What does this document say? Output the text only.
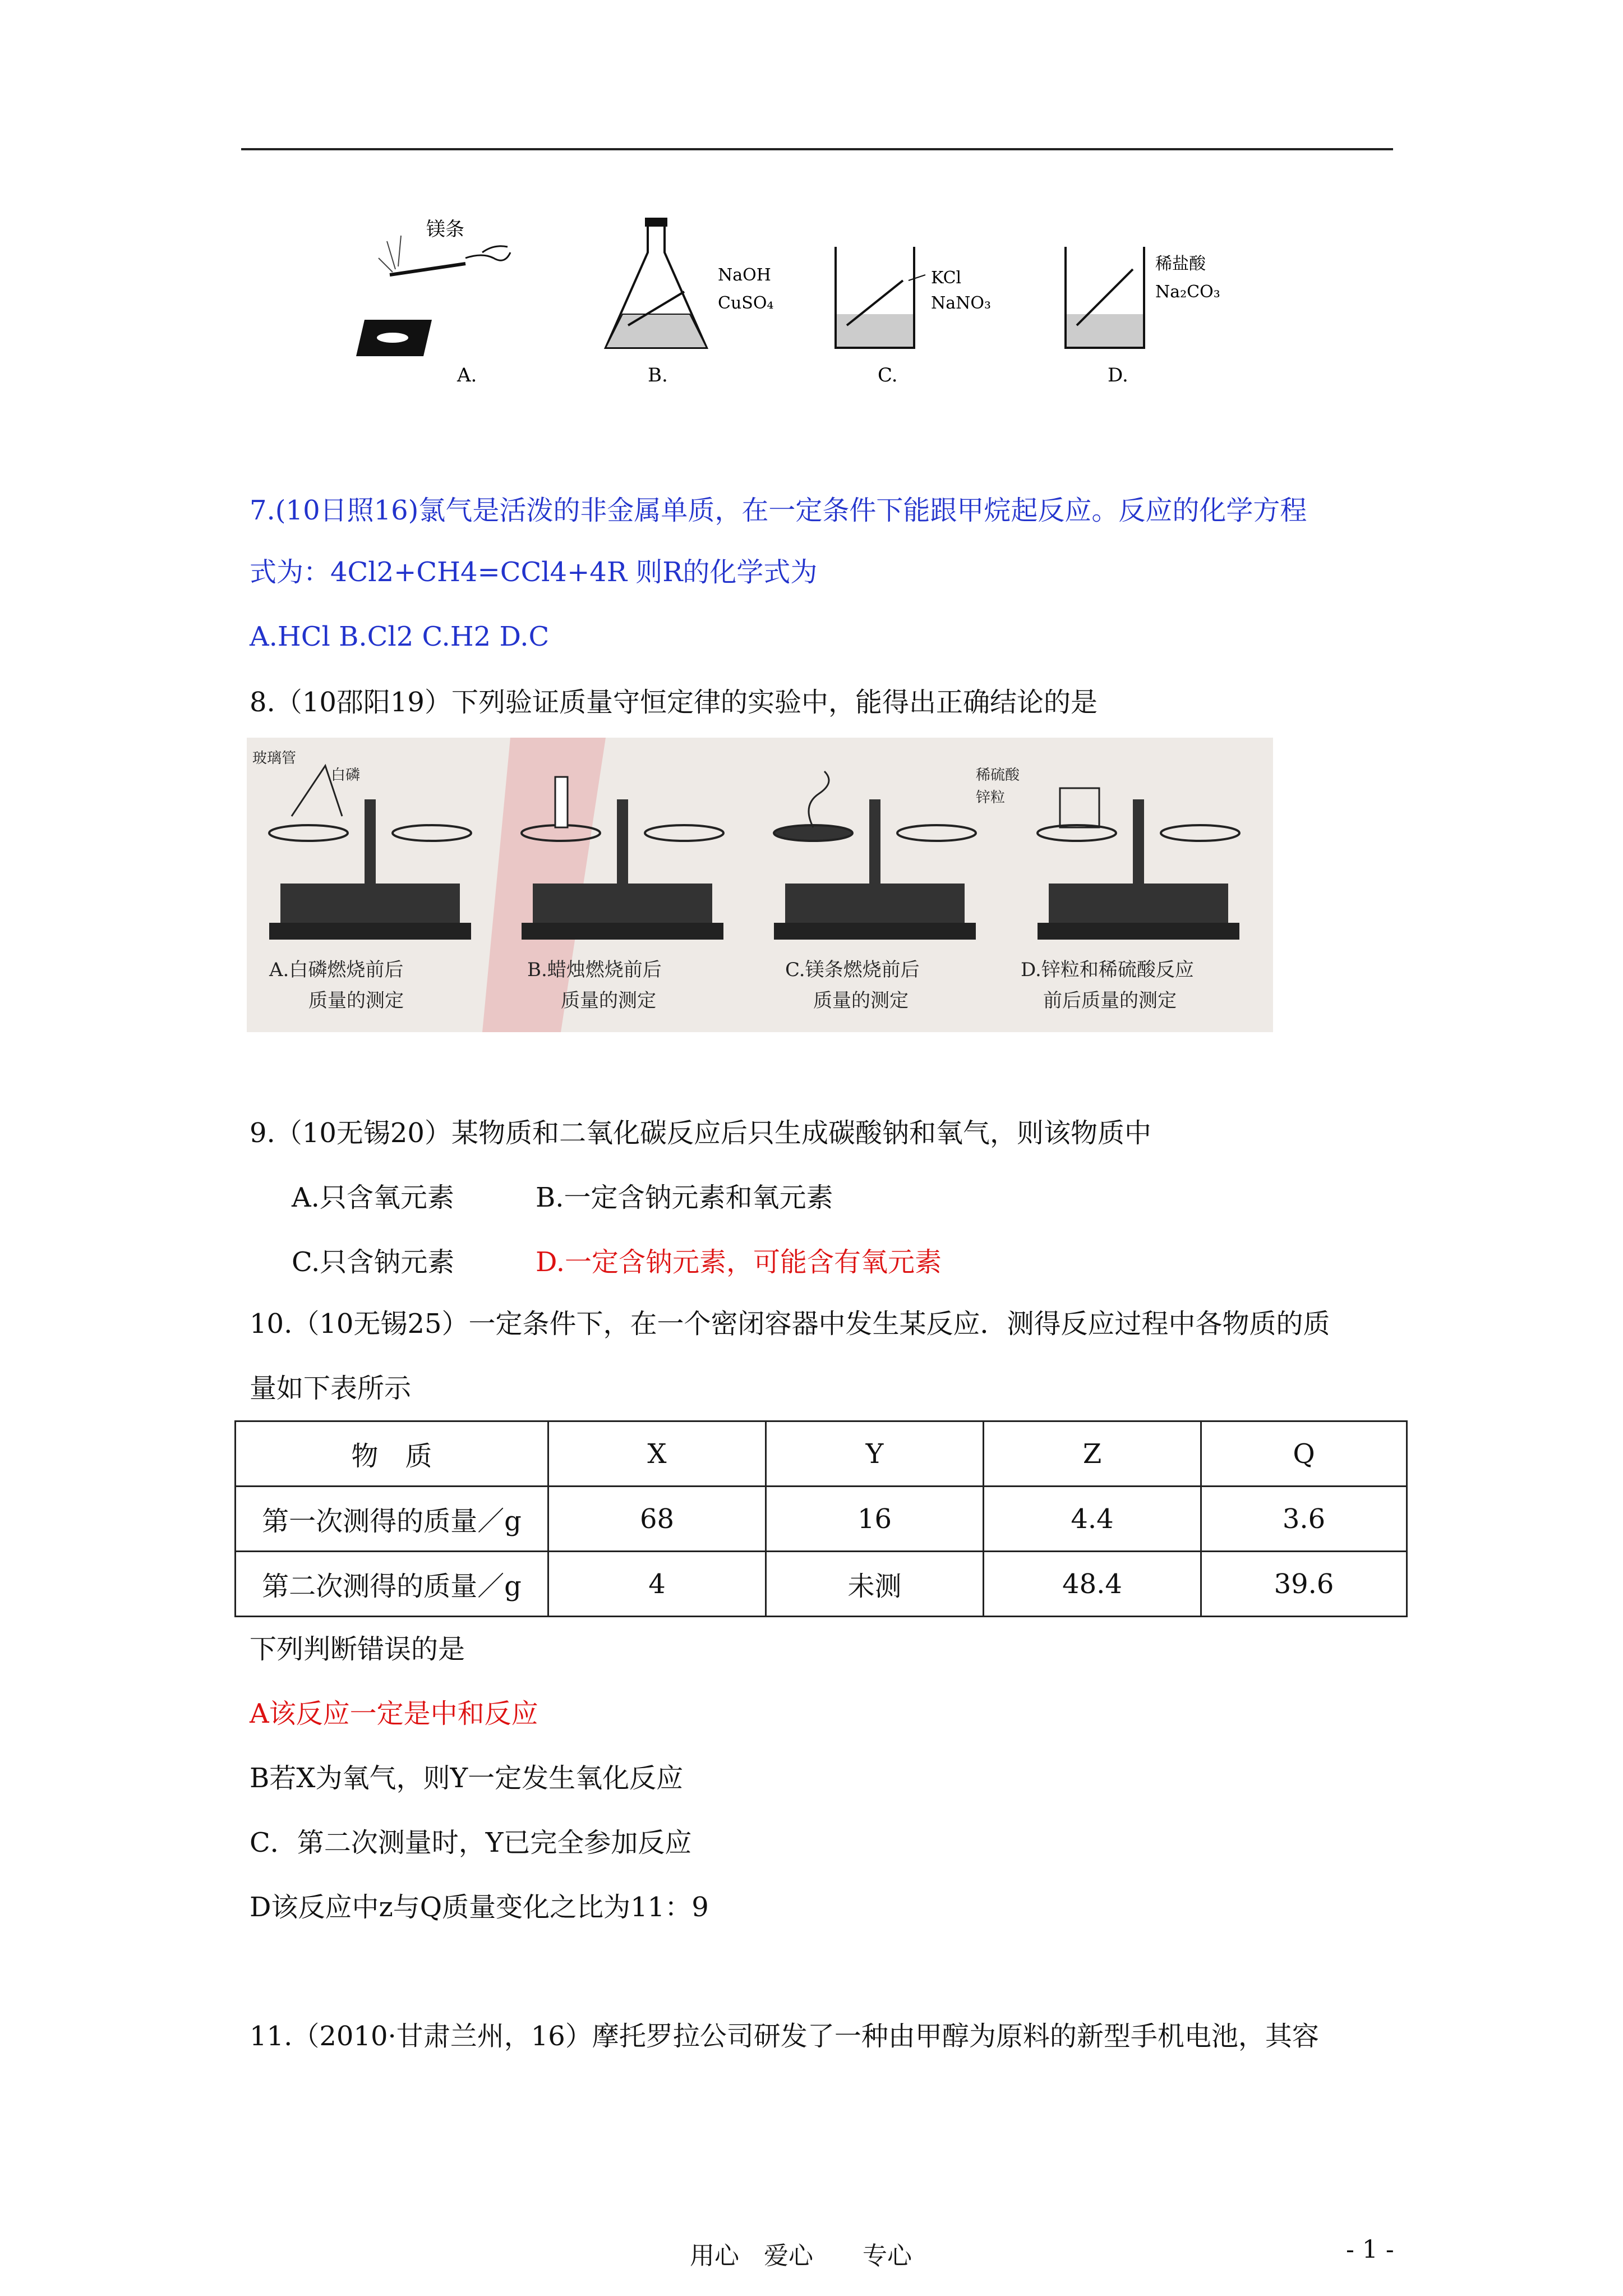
镁条
A.
NaOH
CuSO₄
B.
KCl
NaNO₃
C.
稀盐酸
Na₂CO₃
D.
7.(10日照16)氯气是活泼的非金属单质，在一定条件下能跟甲烷起反应。反应的化学方程
式为：4Cl2+CH4=CCl4+4R 则R的化学式为
A.HCl B.Cl2 C.H2 D.C
8.（10邵阳19）下列验证质量守恒定律的实验中，能得出正确结论的是
玻璃管
白磷	稀硫酸
锌粒
A.白磷燃烧前后
质量的测定
B.蜡烛燃烧前后
质量的测定
C.镁条燃烧前后
质量的测定
D.锌粒和稀硫酸反应
前后质量的测定
9.（10无锡20）某物质和二氧化碳反应后只生成碳酸钠和氧气，则该物质中
A.只含氧元素	B.一定含钠元素和氧元素
C.只含钠元素	D.一定含钠元素，可能含有氧元素
10.（10无锡25）一定条件下，在一个密闭容器中发生某反应．测得反应过程中各物质的质
量如下表所示
物　质	X	Y	Z	Q
第一次测得的质量／g	68	16	4.4	3.6
第二次测得的质量／g	4	未测	48.4	39.6
下列判断错误的是
A该反应一定是中和反应
B若X为氧气，则Y一定发生氧化反应
C．第二次测量时，Y已完全参加反应
D该反应中z与Q质量变化之比为11：9
11.（2010·甘肃兰州，16）摩托罗拉公司研发了一种由甲醇为原料的新型手机电池，其容
用心　爱心　　专心	- 1 -
